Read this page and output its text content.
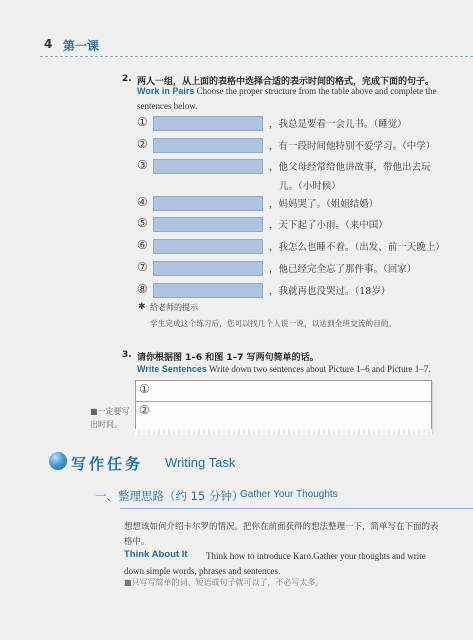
4 第一课
2. 两人一组，从上面的表格中选择合适的表示时间的格式，完成下面的句子。
Work in Pairs Choose the proper structure from the table above and complete the sentences below.
①	，我总是要看一会儿书。（睡觉）
②	，有一段时间他特别不爱学习。（中学）
③	，他父母经常给他讲故事，带他出去玩
儿。（小时候）
④	，妈妈哭了。（姐姐结婚）
⑤	，天下起了小雨。（来中国）
⑥	，我怎么也睡不着。（出发、前一天晚上）
⑦	，他已经完全忘了那件事。（回家）
⑧	，我就再也没哭过。（18岁）
✱ 给老师的提示
学生完成这个练习后，您可以找几个人说一说，以达到全班交流的目的。
3. 请你根据图 1–6 和图 1–7 写两句简单的话。
Write Sentences Write down two sentences about Picture 1–6 and Picture 1–7.
①
②
■一定要写
出时间。
写作任务 Writing Task
一、整理思路（约 15 分钟）
Gather Your Thoughts
想想该如何介绍卡尔罗的情况。把你在前面获得的想法整理一下，简单写在下面的表格中。
Think how to introduce Karo.Gather your thoughts and write down simple words, phrases and sentences.
Think About It
■只写写简单的词、短语或句子就可以了，不必写太多。
